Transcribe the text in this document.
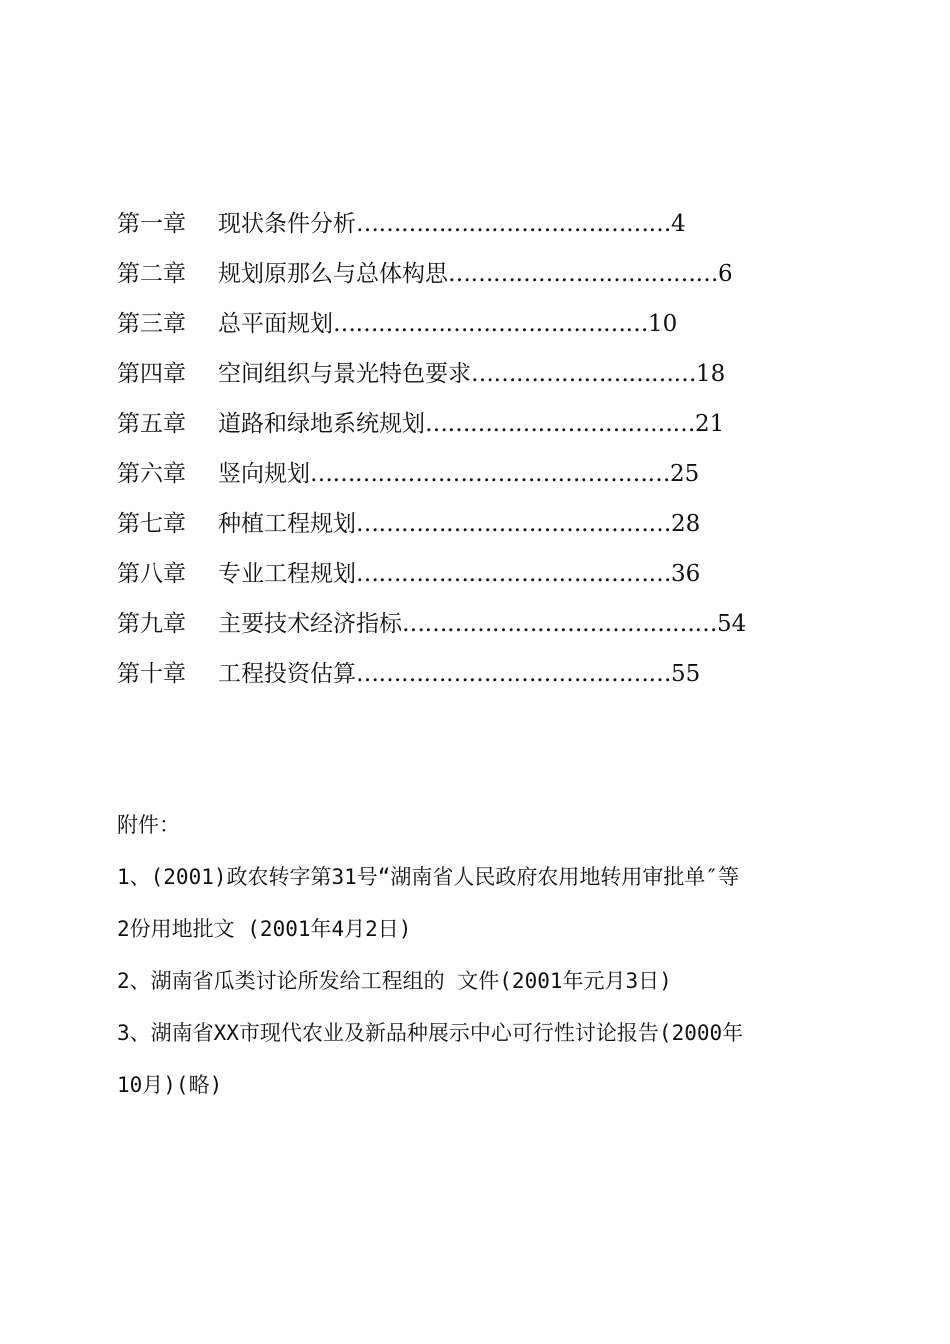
第一章	现状条件分析 …………………………………… 4
第二章	规划原那么与总体构思 ……………………………… 6
第三章	总平面规划 …………………………………… 10
第四章	空间组织与景光特色要求 ………………………… 18
第五章	道路和绿地系统规划 ……………………………… 21
第六章	竖向规划 ………………………………………… 25
第七章	种植工程规划 …………………………………… 28
第八章	专业工程规划 …………………………………… 36
第九章	主要技术经济指标 …………………………………… 54
第十章	工程投资估算 …………………………………… 55
附件：
1、(2001)政农转字第31号“湖南省人民政府农用地转用审批单″等
2份用地批文 (2001年4月2日)
2、湖南省瓜类讨论所发给工程组的 文件(2001年元月3日)
3、湖南省XX市现代农业及新品种展示中心可行性讨论报告(2000年
10月)(略)
